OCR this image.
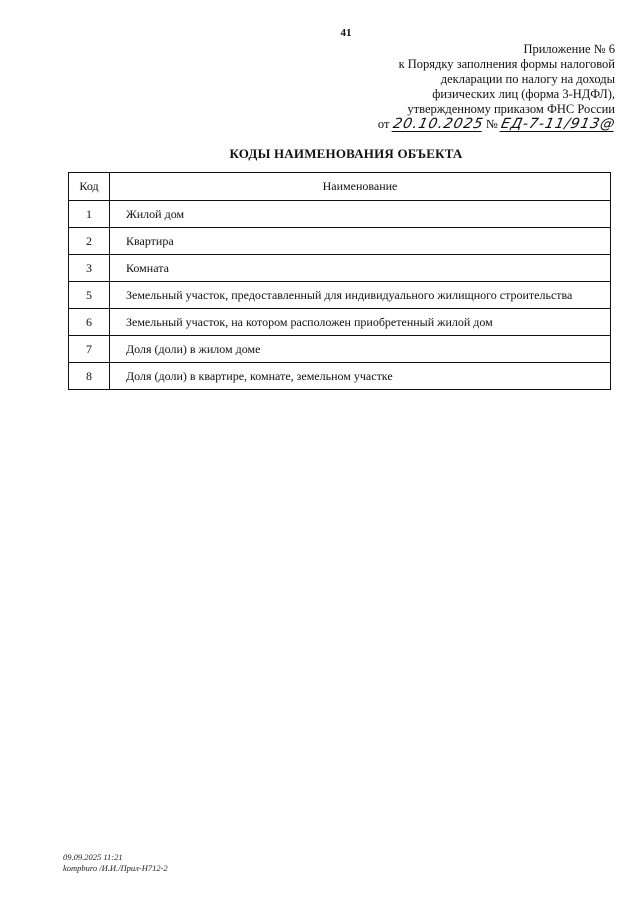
41
Приложение № 6
к Порядку заполнения формы налоговой
декларации по налогу на доходы
физических лиц (форма 3-НДФЛ),
утвержденному приказом ФНС России
от 20.10.2025 № ЕД-7-11/913@
КОДЫ НАИМЕНОВАНИЯ ОБЪЕКТА
Код	Наименование
1	Жилой дом
2	Квартира
3	Комната
5	Земельный участок, предоставленный для индивидуального жилищного строительства
6	Земельный участок, на котором расположен приобретенный жилой дом
7	Доля (доли) в жилом доме
8	Доля (доли) в квартире, комнате, земельном участке
09.09.2025 11:21
kompburo /И.И./Прил-Н712-2
